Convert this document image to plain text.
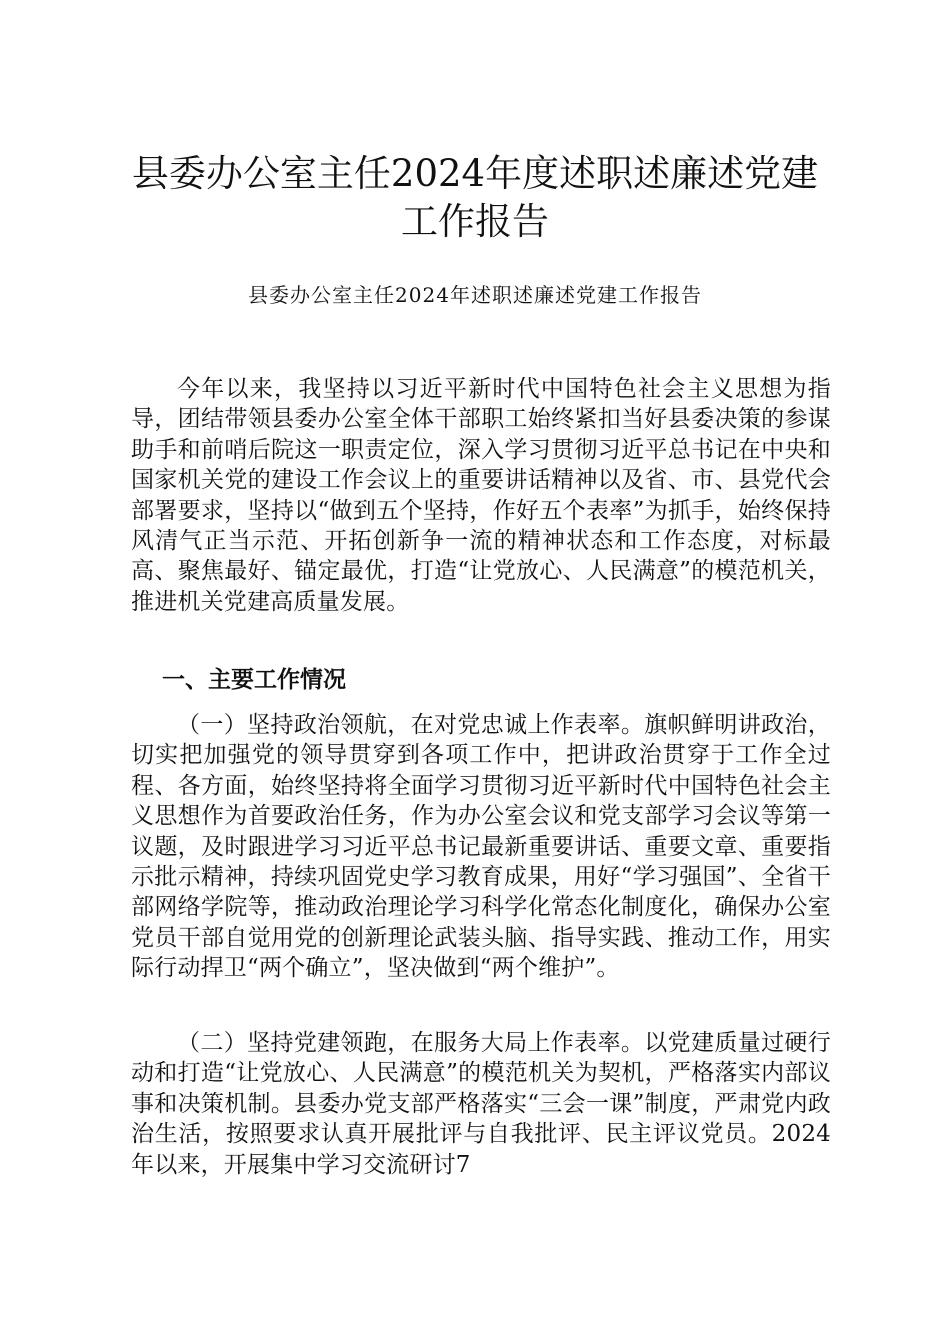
县委办公室主任2024年度述职述廉述党建工作报告

县委办公室主任2024年述职述廉述党建工作报告

今年以来，我坚持以习近平新时代中国特色社会主义思想为指导，团结带领县委办公室全体干部职工始终紧扣当好县委决策的参谋助手和前哨后院这一职责定位，深入学习贯彻习近平总书记在中央和国家机关党的建设工作会议上的重要讲话精神以及省、市、县党代会部署要求，坚持以“做到五个坚持，作好五个表率”为抓手，始终保持风清气正当示范、开拓创新争一流的精神状态和工作态度，对标最高、聚焦最好、锚定最优，打造“让党放心、人民满意”的模范机关，推进机关党建高质量发展。

一、主要工作情况

（一）坚持政治领航，在对党忠诚上作表率。旗帜鲜明讲政治，切实把加强党的领导贯穿到各项工作中，把讲政治贯穿于工作全过程、各方面，始终坚持将全面学习贯彻习近平新时代中国特色社会主义思想作为首要政治任务，作为办公室会议和党支部学习会议等第一议题，及时跟进学习习近平总书记最新重要讲话、重要文章、重要指示批示精神，持续巩固党史学习教育成果，用好“学习强国”、全省干部网络学院等，推动政治理论学习科学化常态化制度化，确保办公室党员干部自觉用党的创新理论武装头脑、指导实践、推动工作，用实际行动捍卫“两个确立”，坚决做到“两个维护”。

（二）坚持党建领跑，在服务大局上作表率。以党建质量过硬行动和打造“让党放心、人民满意”的模范机关为契机，严格落实内部议事和决策机制。县委办党支部严格落实“三会一课”制度，严肃党内政治生活，按照要求认真开展批评与自我批评、民主评议党员。2024年以来，开展集中学习交流研讨7
